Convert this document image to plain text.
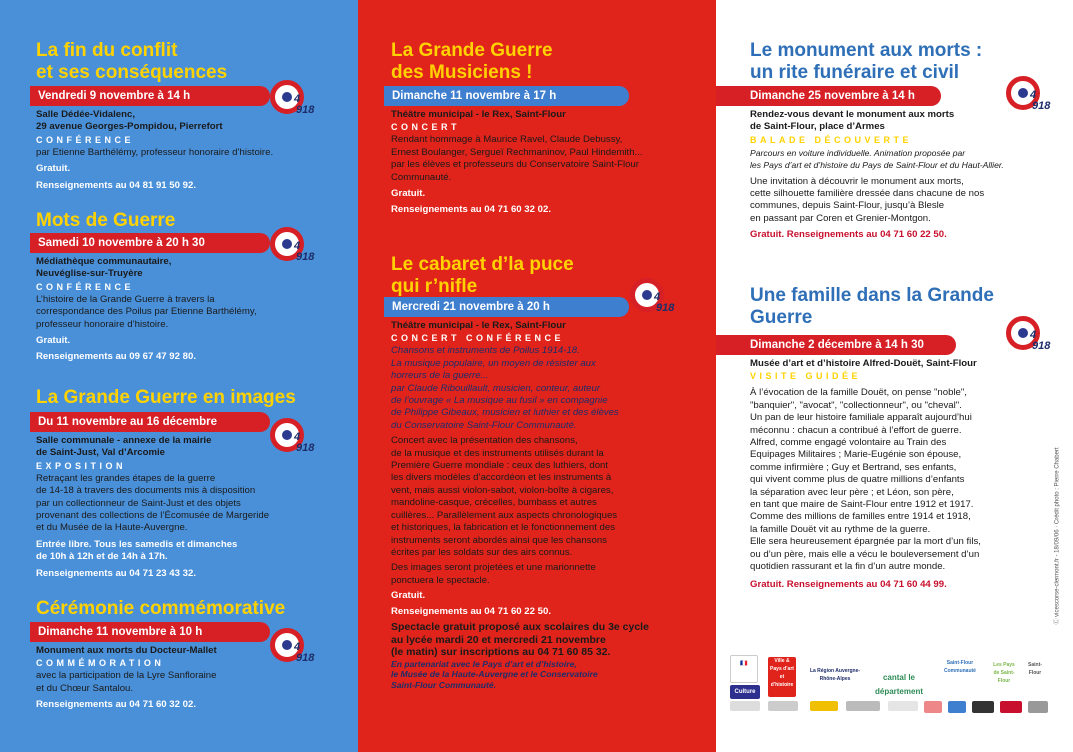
La fin du conflit
et ses conséquences
Vendredi 9 novembre à 14 h	4
918
Salle Dédée-Vidalenc,
29 avenue Georges-Pompidou, Pierrefort
CONFÉRENCE
par Etienne Barthélémy, professeur honoraire d’histoire.
Gratuit.
Renseignements au 04 81 91 50 92.
Mots de Guerre
Samedi 10 novembre à 20 h 30	4
918
Médiathèque communautaire,
Neuvéglise-sur-Truyère
CONFÉRENCE
L’histoire de la Grande Guerre à travers la
correspondance des Poilus par Etienne Barthélémy,
professeur honoraire d’histoire.
Gratuit.
Renseignements au 09 67 47 92 80.
La Grande Guerre en images
Du 11 novembre au 16 décembre
4
918
Salle communale - annexe de la mairie
de Saint-Just, Val d’Arcomie
EXPOSITION
Retraçant les grandes étapes de la guerre
de 14-18 à travers des documents mis à disposition
par un collectionneur de Saint-Just et des objets
provenant des collections de l’Écomusée de Margeride
et du Musée de la Haute-Auvergne.
Entrée libre. Tous les samedis et dimanches
de 10h à 12h et de 14h à 17h.
Renseignements au 04 71 23 43 32.
Cérémonie commémorative
Dimanche 11 novembre à 10 h
4
918
Monument aux morts du Docteur-Mallet
COMMÉMORATION
avec la participation de la Lyre Sanfloraine
et du Chœur Santalou.
Renseignements au 04 71 60 32 02.
La Grande Guerre
des Musiciens !
Dimanche 11 novembre à 17 h
Théâtre municipal - le Rex, Saint-Flour
CONCERT
Rendant hommage à Maurice Ravel, Claude Debussy,
Ernest Boulanger, Sergueï Rechmaninov, Paul Hindemith...
par les élèves et professeurs du Conservatoire Saint-Flour
Communauté.
Gratuit.
Renseignements au 04 71 60 32 02.
Le cabaret d’la puce
qui r’nifle	4
918
Mercredi 21 novembre à 20 h
Théâtre municipal - le Rex, Saint-Flour
CONCERT CONFÉRENCE
Chansons et instruments de Poilus 1914-18.
La musique populaire, un moyen de résister aux
horreurs de la guerre...
par Claude Ribouillault, musicien, conteur, auteur
de l’ouvrage « La musique au fusil » en compagnie
de Philippe Gibeaux, musicien et luthier et des élèves
du Conservatoire Saint-Flour Communauté.
Concert avec la présentation des chansons,
de la musique et des instruments utilisés durant la
Première Guerre mondiale : ceux des luthiers, dont
les divers modèles d’accordéon et les instruments à
vent, mais aussi violon-sabot, violon-boîte à cigares,
mandoline-casque, crécelles, bumbass et autres
cuillères... Parallèlement aux aspects chronologiques
et historiques, la fabrication et le fonctionnement des
instruments seront abordés ainsi que les chansons
écrites par les soldats sur des airs connus.
Des images seront projetées et une marionnette
ponctuera le spectacle.
Gratuit.
Renseignements au 04 71 60 22 50.
Spectacle gratuit proposé aux scolaires du 3e cycle
au lycée mardi 20 et mercredi 21 novembre
(le matin) sur inscriptions au 04 71 60 85 32.
En partenariat avec le Pays d’art et d’histoire,
le Musée de la Haute-Auvergne et le Conservatoire
Saint-Flour Communauté.
Le monument aux morts :
un rite funéraire et civil
4
918
Dimanche 25 novembre à 14 h
Rendez-vous devant le monument aux morts
de Saint-Flour, place d’Armes
BALADE DÉCOUVERTE
Parcours en voiture individuelle. Animation proposée par
les Pays d’art et d’histoire du Pays de Saint-Flour et du Haut-Allier.
Une invitation à découvrir le monument aux morts,
cette silhouette familière dressée dans chacune de nos
communes, depuis Saint-Flour, jusqu’à Blesle
en passant par Coren et Grenier-Montgon.
Gratuit. Renseignements au 04 71 60 22 50.
Une famille dans la Grande
Guerre
4
918
Dimanche 2 décembre à 14 h 30
Musée d’art et d’histoire Alfred-Douët, Saint-Flour
VISITE GUIDÉE
À l’évocation de la famille Douët, on pense "noble",
"banquier", "avocat", "collectionneur", ou "cheval".
Un pan de leur histoire familiale apparaît aujourd’hui
méconnu : chacun a contribué à l’effort de guerre.
Alfred, comme engagé volontaire au Train des
Equipages Militaires ; Marie-Eugénie son épouse,
comme infirmière ; Guy et Bertrand, ses enfants,
qui vivent comme plus de quatre millions d’enfants
la séparation avec leur père ; et Léon, son père,
en tant que maire de Saint-Flour entre 1912 et 1917.
Comme des millions de familles entre 1914 et 1918,
la famille Douët vit au rythme de la guerre.
Elle sera heureusement épargnée par la mort d’un fils,
ou d’un père, mais elle a vécu le bouleversement d’un
quotidien rassurant et la fin d’un autre monde.
Gratuit. Renseignements au 04 71 60 44 99.	Ⓒ vicescorse-clermont.fr - 18/09/06 · Crédit photo : Pierre Chabert
🇫🇷
Culture
Ville & Pays d’art et d’histoire
La Région Auvergne-Rhône-Alpes	cantal le département
Saint-Flour Communauté
Les Pays de Saint-Flour
Saint-Flour
